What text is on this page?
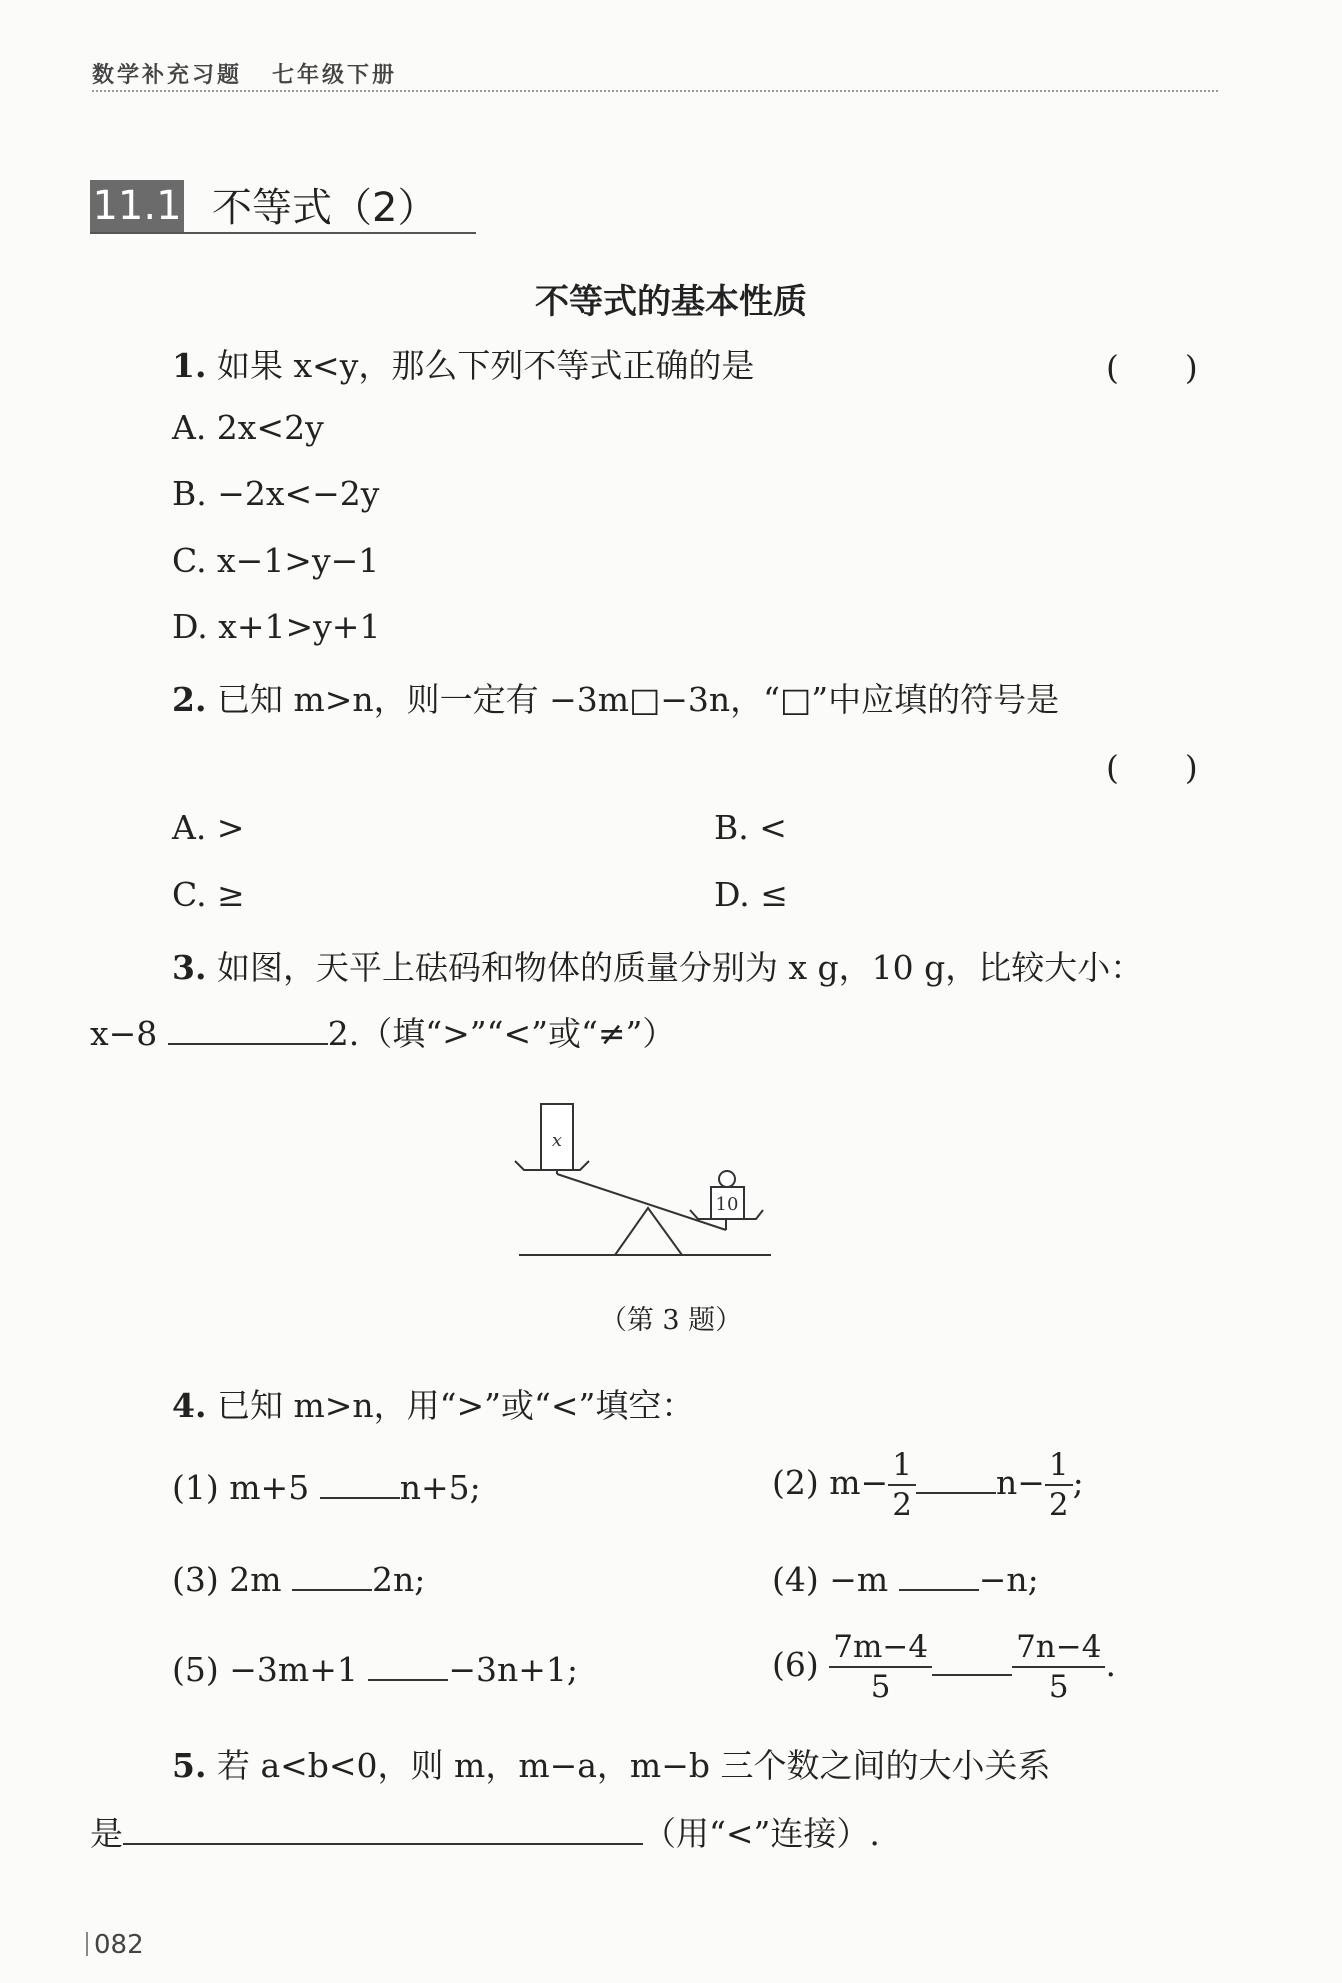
数学补充习题 七年级下册
11.1 不等式（2）
不等式的基本性质
1. 如果 x<y，那么下列不等式正确的是	(　　)
A. 2x<2y
B. −2x<−2y
C. x−1>y−1
D. x+1>y+1
2. 已知 m>n，则一定有 −3m□−3n，“□”中应填的符号是
(　　)
A. >	B. <
C. ≥	D. ≤
3. 如图，天平上砝码和物体的质量分别为 x g，10 g，比较大小：
x−8	2.（填“>”“<”或“≠”）
x
10
（第 3 题）
4. 已知 m>n，用“>”或“<”填空：
(1) m+5	n+5;	(2) $m- \frac{1}{2} n- \frac{1}{2}$ ;
(3) 2m	2n;	(4) −m	−n;
(5) −3m+1	−3n+1;	$(6) \frac{7m-4}{5}$	$\frac{7n-4}{5}$ .
5. 若 a<b<0，则 m，m−a，m−b 三个数之间的大小关系
是	（用“<”连接）.
082
